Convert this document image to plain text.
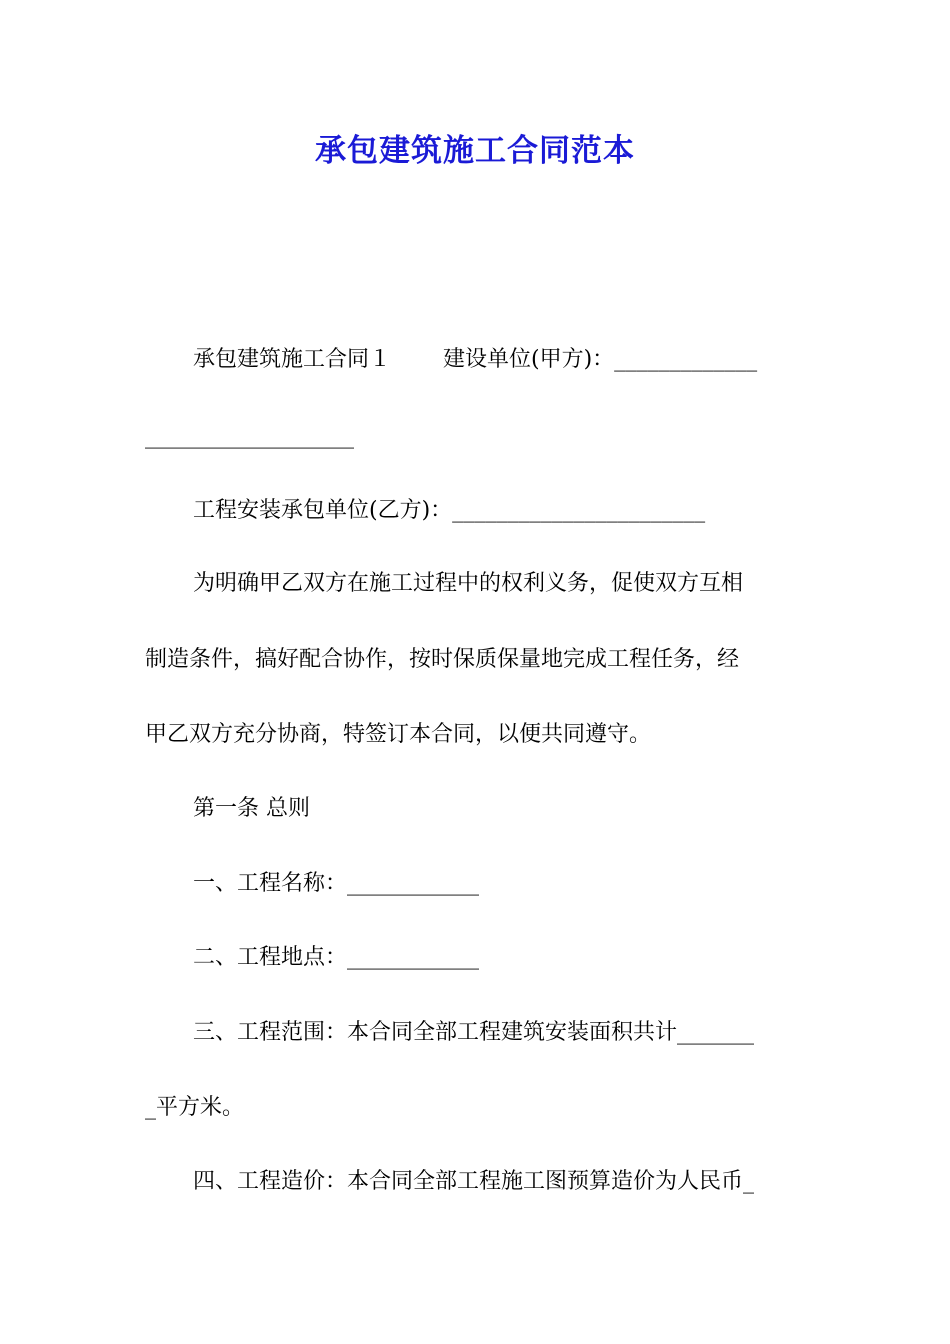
承包建筑施工合同范本
承包建筑施工合同１ 建设单位(甲方)：_____________
___________________
工程安装承包单位(乙方)：_______________________
为明确甲乙双方在施工过程中的权利义务，促使双方互相
制造条件，搞好配合协作，按时保质保量地完成工程任务，经
甲乙双方充分协商，特签订本合同，以便共同遵守。
第一条 总则
一、工程名称：____________
二、工程地点：____________
三、工程范围：本合同全部工程建筑安装面积共计_______
_平方米。
四、工程造价：本合同全部工程施工图预算造价为人民币_
